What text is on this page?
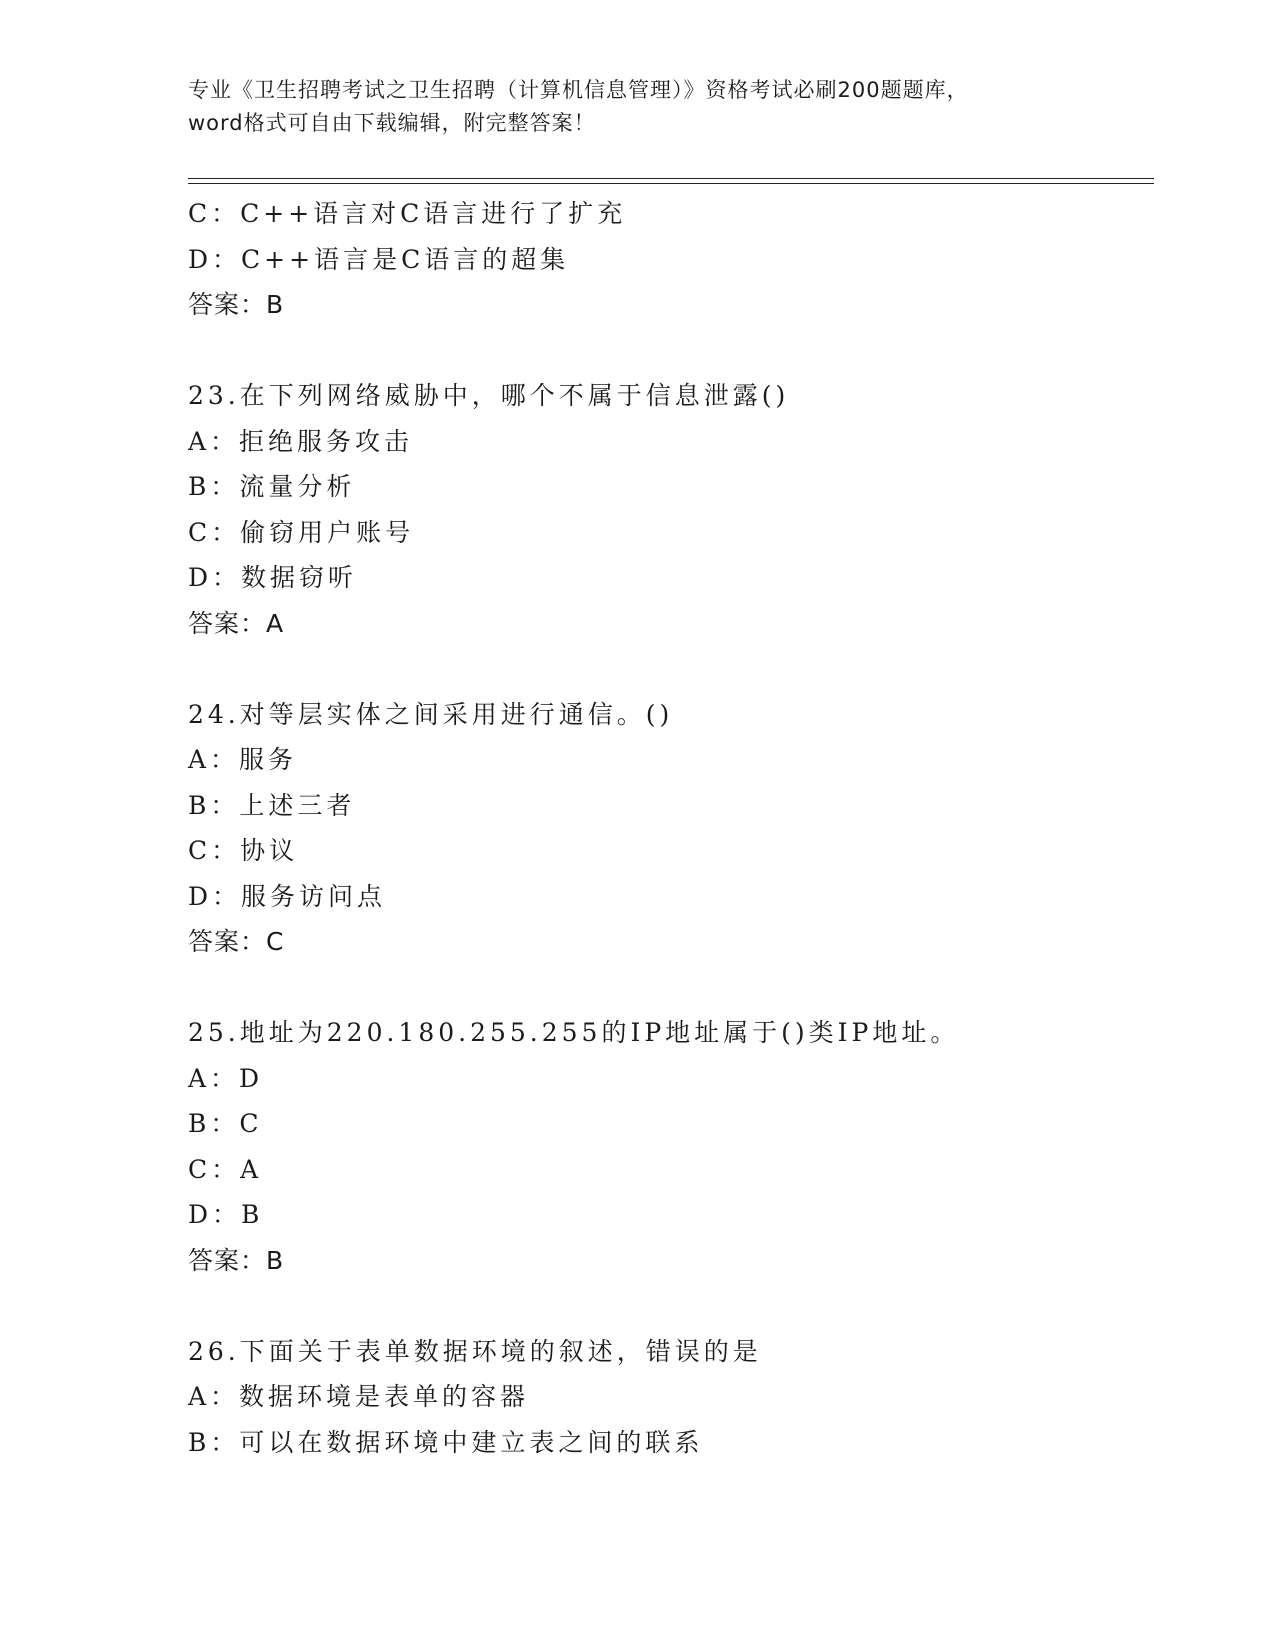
专业《卫生招聘考试之卫生招聘（计算机信息管理）》资格考试必刷200题题库，
word格式可自由下载编辑，附完整答案！
C：C++语言对C语言进行了扩充
D：C++语言是C语言的超集
答案：B
23.在下列网络威胁中，哪个不属于信息泄露()
A：拒绝服务攻击
B：流量分析
C：偷窃用户账号
D：数据窃听
答案：A
24.对等层实体之间采用进行通信。()
A：服务
B：上述三者
C：协议
D：服务访问点
答案：C
25.地址为220.180.255.255的IP地址属于()类IP地址。
A：D
B：C
C：A
D：B
答案：B
26.下面关于表单数据环境的叙述，错误的是
A：数据环境是表单的容器
B：可以在数据环境中建立表之间的联系
